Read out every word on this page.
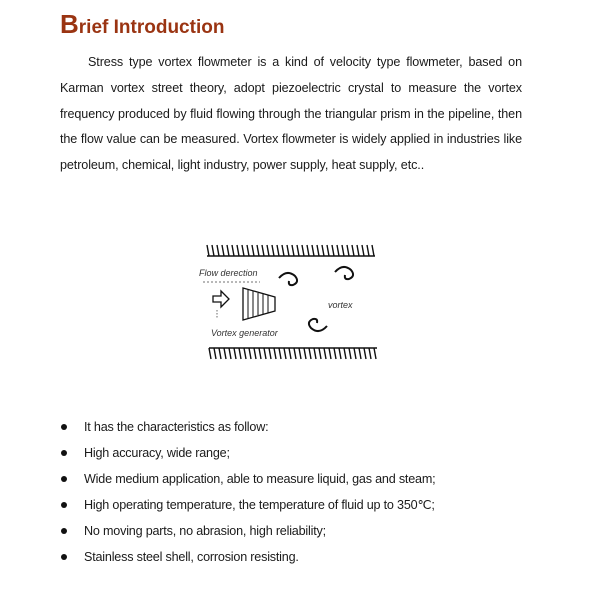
Brief Introduction

Stress type vortex flowmeter is a kind of velocity type flowmeter, based on Karman vortex street theory, adopt piezoelectric crystal to measure the vortex frequency produced by fluid flowing through the triangular prism in the pipeline, then the flow value can be measured. Vortex flowmeter is widely applied in industries like petroleum, chemical, light industry, power supply, heat supply, etc..

Flow derection
vortex
Vortex generator
It has the characteristics as follow:
High accuracy, wide range;
Wide medium application, able to measure liquid, gas and steam;
High operating temperature, the temperature of fluid up to 350℃;
No moving parts, no abrasion, high reliability;
Stainless steel shell, corrosion resisting.
